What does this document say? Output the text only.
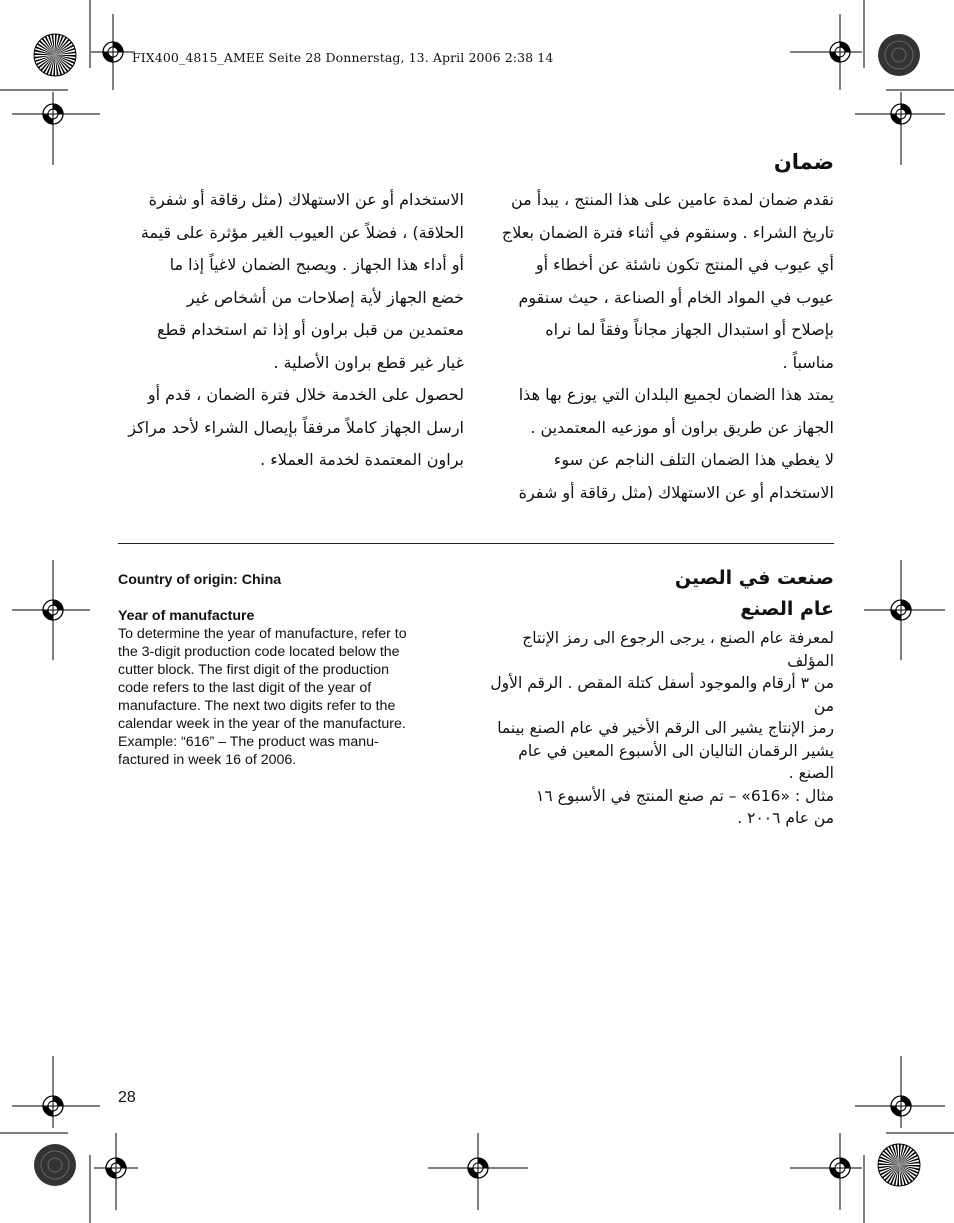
FIX400_4815_AMEE Seite 28 Donnerstag, 13. April 2006 2:38 14
ضمان

نقدم ضمان لمدة عامين على هذا المنتج ، يبدأ من

تاريخ الشراء . وسنقوم في أثناء فترة الضمان بعلاج

أي عيوب في المنتج تكون ناشئة عن أخطاء أو

عيوب في المواد الخام أو الصناعة ، حيث سنقوم

بإصلاح أو استبدال الجهاز مجاناً وفقاً لما نراه

مناسباً .

يمتد هذا الضمان لجميع البلدان التي يوزع بها هذا

الجهاز عن طريق براون أو موزعيه المعتمدين .

لا يغطي هذا الضمان التلف الناجم عن سوء

الاستخدام أو عن الاستهلاك (مثل رقاقة أو شفرة

الاستخدام أو عن الاستهلاك (مثل رقاقة أو شفرة

الحلاقة) ، فضلاً عن العيوب الغير مؤثرة على قيمة

أو أداء هذا الجهاز . ويصبح الضمان لاغياً إذا ما

خضع الجهاز لأية إصلاحات من أشخاص غير

معتمدين من قبل براون أو إذا تم استخدام قطع

غيار غير قطع براون الأصلية .

لحصول على الخدمة خلال فترة الضمان ، قدم أو

ارسل الجهاز كاملاً مرفقاً بإيصال الشراء لأحد مراكز

براون المعتمدة لخدمة العملاء .

Country of origin: China
Year of manufacture
To determine the year of manufacture, refer to
the 3-digit production code located below the
cutter block. The first digit of the production
code refers to the last digit of the year of
manufacture. The next two digits refer to the
calendar week in the year of the manufacture.
Example: “616” – The product was manu-
factured in week 16 of 2006.
صنعت في الصين
عام الصنع

لمعرفة عام الصنع ، يرجى الرجوع الى رمز الإنتاج المؤلف

من ٣ أرقام والموجود أسفل كتلة المقص . الرقم الأول من

رمز الإنتاج يشير الى الرقم الأخير في عام الصنع بينما

يشير الرقمان التاليان الى الأسبوع المعين في عام الصنع .

مثال : «616» – تم صنع المنتج في الأسبوع ١٦

من عام ٢٠٠٦ .

28
